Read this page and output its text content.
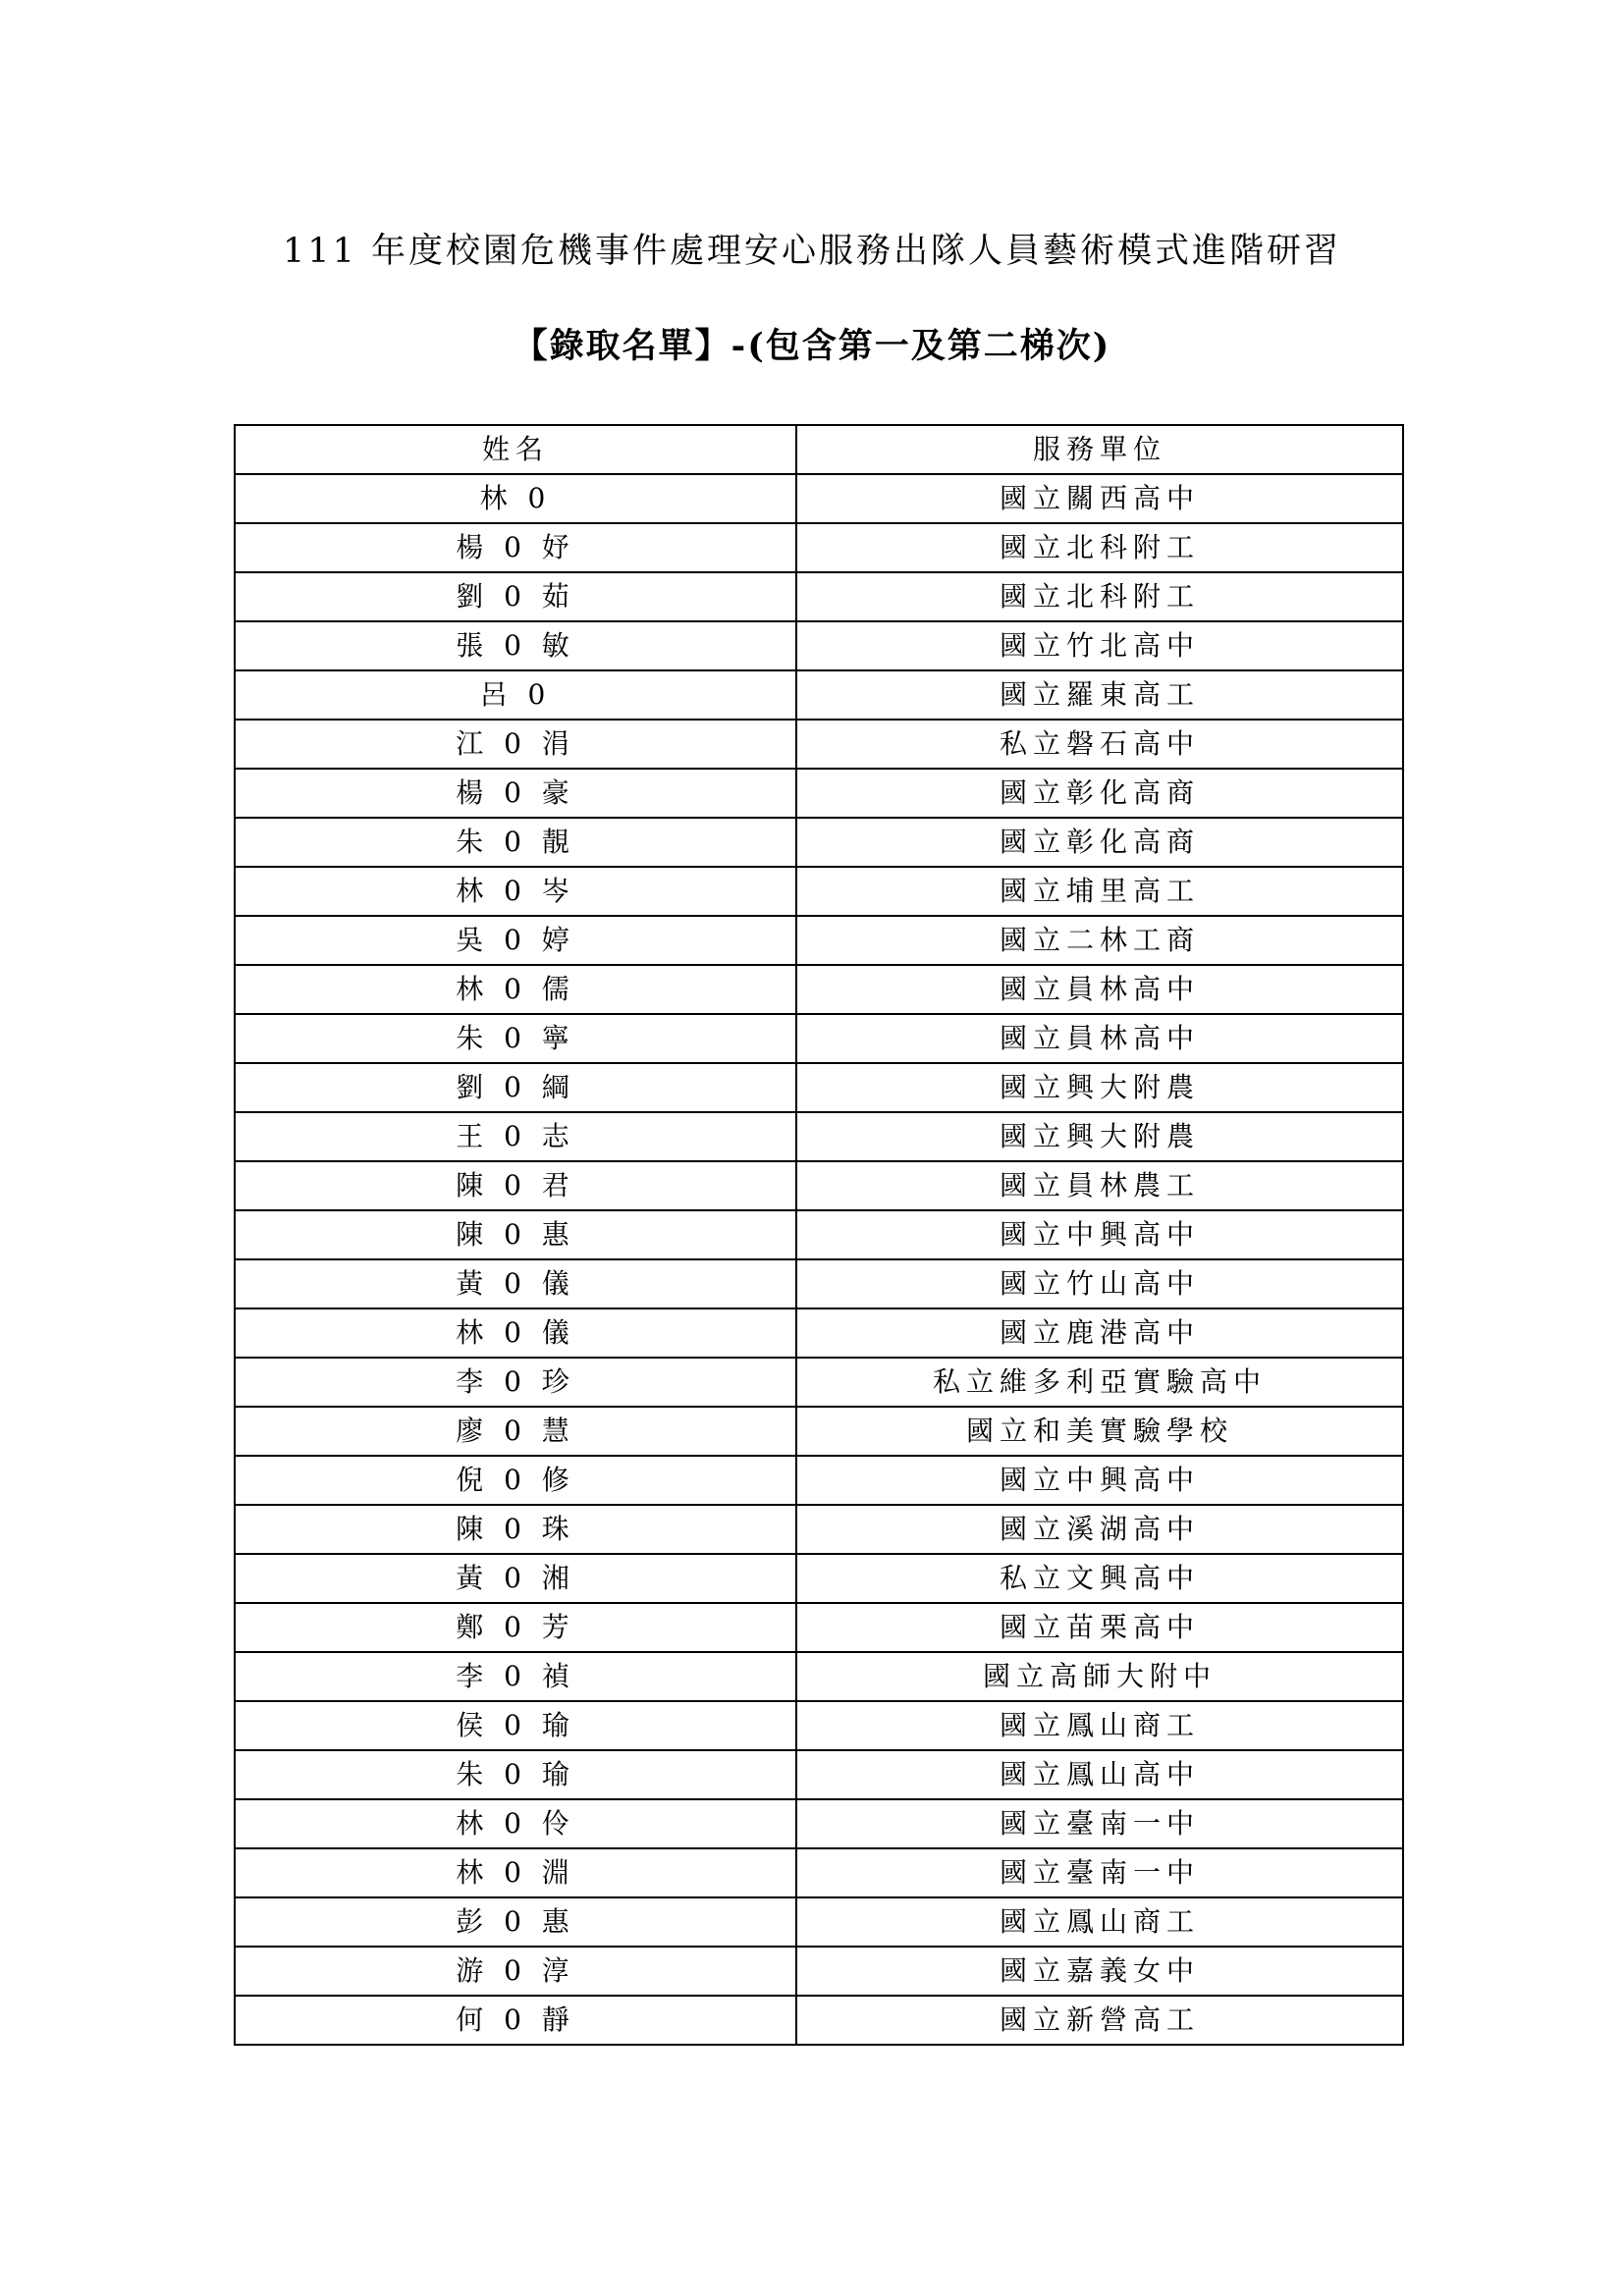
111 年度校園危機事件處理安心服務出隊人員藝術模式進階研習
【錄取名單】-(包含第一及第二梯次)
姓名	服務單位
林 0	國立關西高中
楊 0 妤	國立北科附工
劉 0 茹	國立北科附工
張 0 敏	國立竹北高中
呂 0	國立羅東高工
江 0 涓	私立磐石高中
楊 0 豪	國立彰化高商
朱 0 靚	國立彰化高商
林 0 岑	國立埔里高工
吳 0 婷	國立二林工商
林 0 儒	國立員林高中
朱 0 寧	國立員林高中
劉 0 綱	國立興大附農
王 0 志	國立興大附農
陳 0 君	國立員林農工
陳 0 惠	國立中興高中
黃 0 儀	國立竹山高中
林 0 儀	國立鹿港高中
李 0 珍	私立維多利亞實驗高中
廖 0 慧	國立和美實驗學校
倪 0 修	國立中興高中
陳 0 珠	國立溪湖高中
黃 0 湘	私立文興高中
鄭 0 芳	國立苗栗高中
李 0 禎	國立高師大附中
侯 0 瑜	國立鳳山商工
朱 0 瑜	國立鳳山高中
林 0 伶	國立臺南一中
林 0 淵	國立臺南一中
彭 0 惠	國立鳳山商工
游 0 淳	國立嘉義女中
何 0 靜	國立新營高工
